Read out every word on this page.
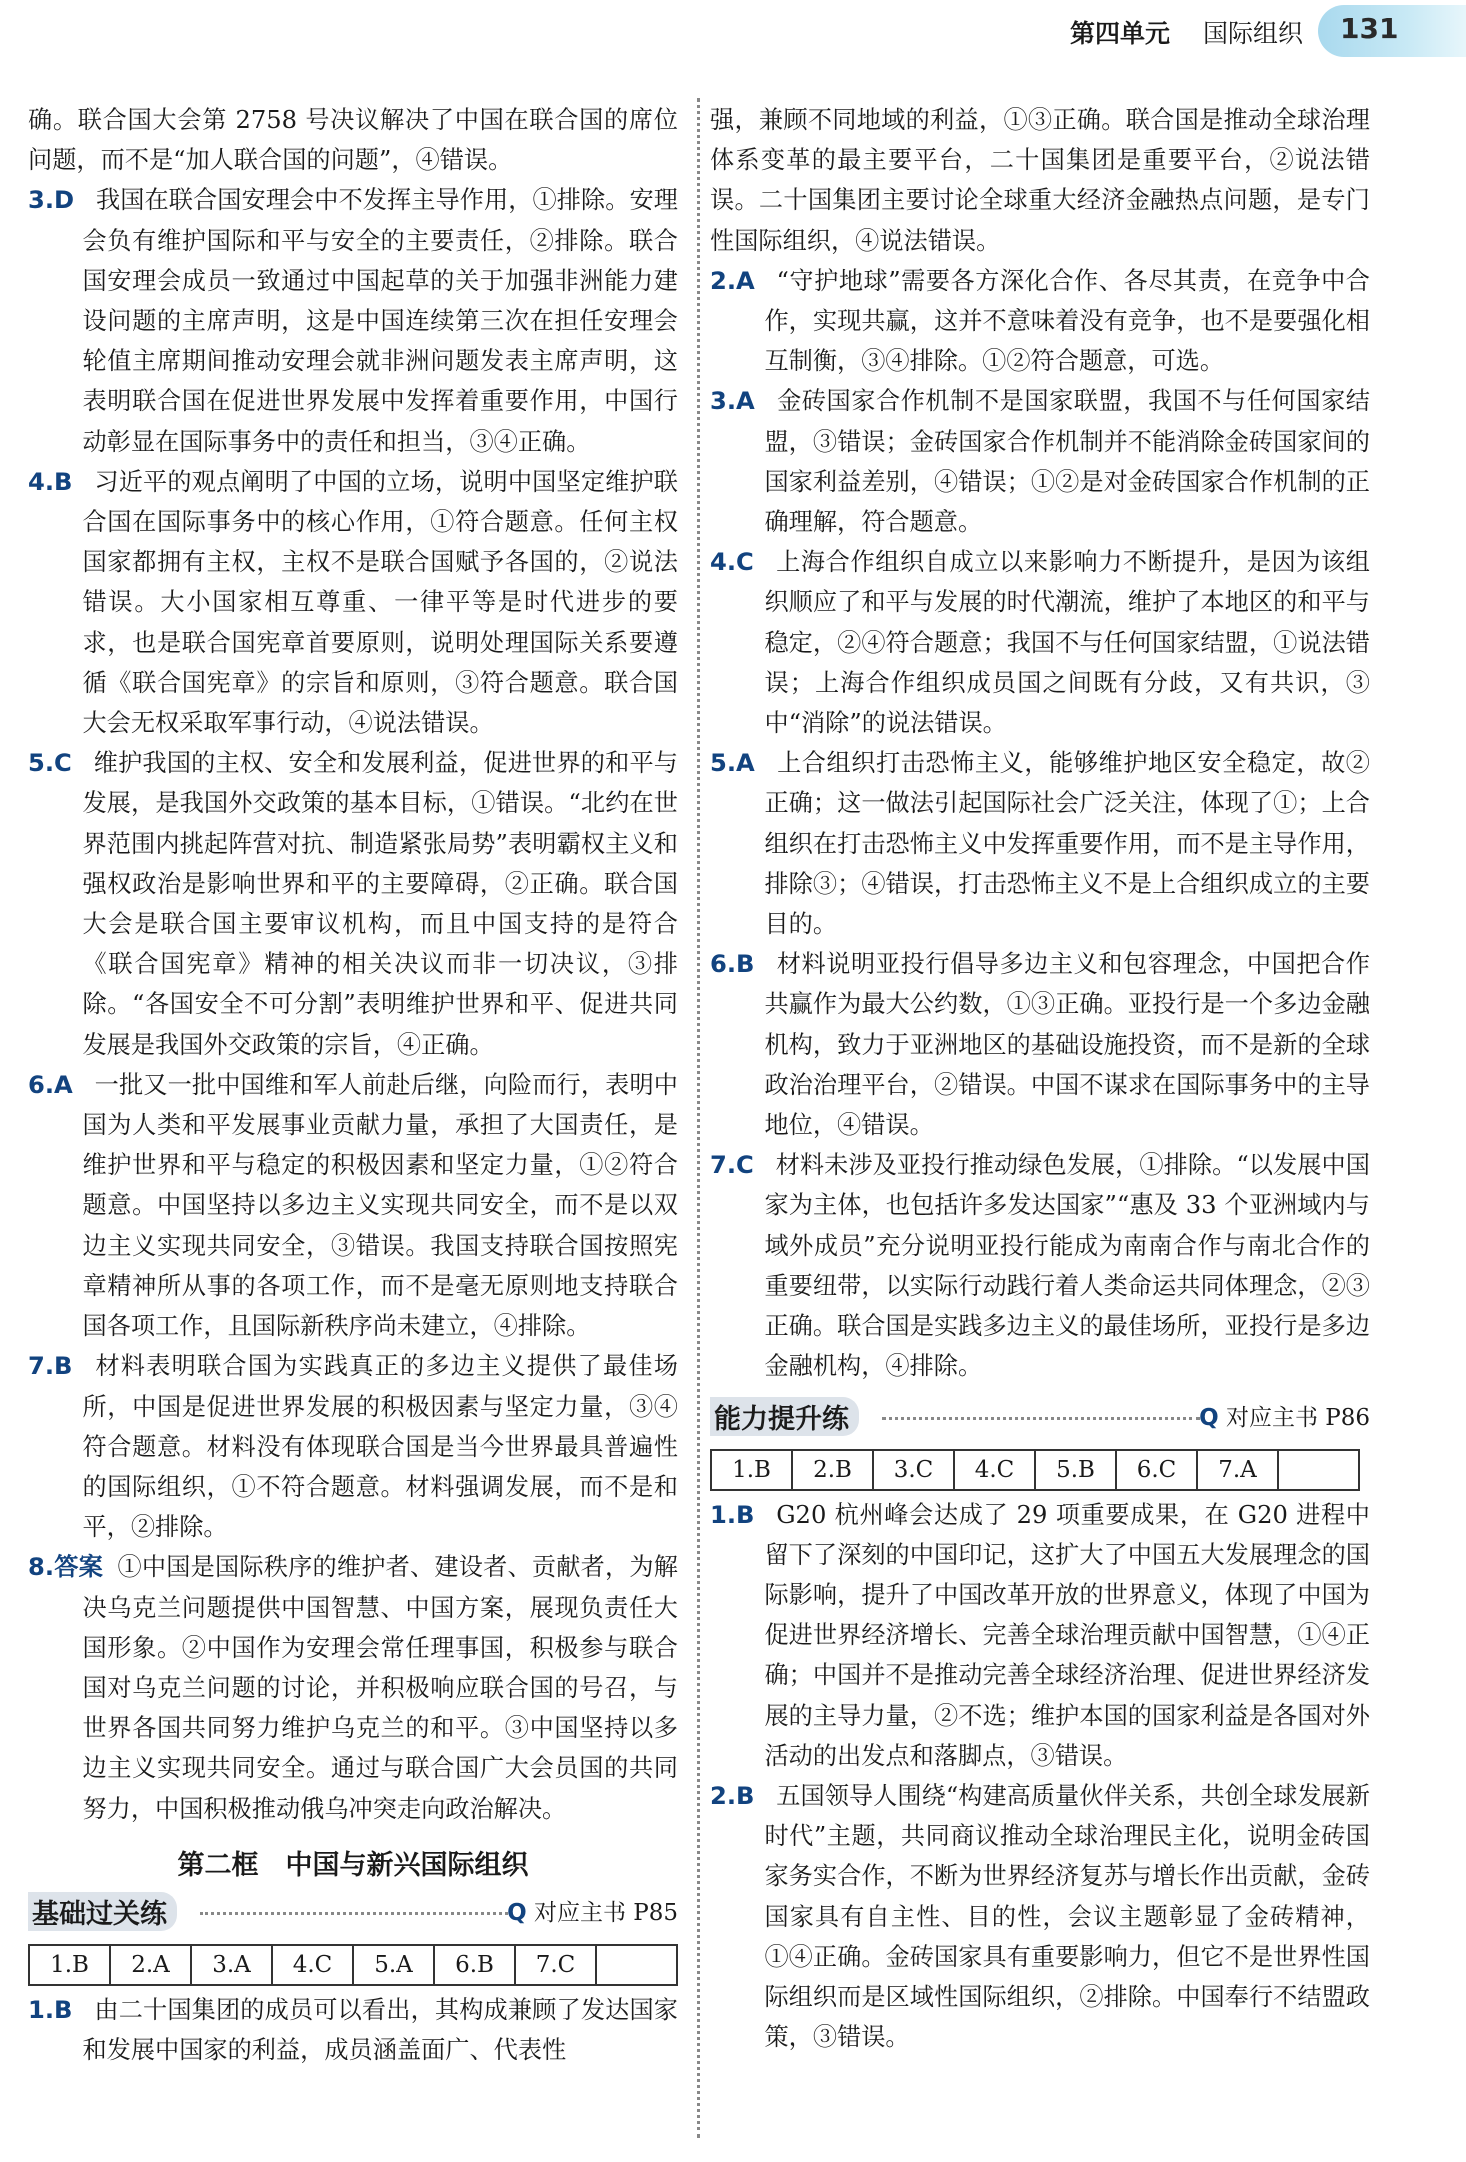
第四单元 国际组织 131

确。联合国大会第 2758 号决议解决了中国在联合国的席位问题，而不是“加人联合国的问题”，④错误。

3.D 我国在联合国安理会中不发挥主导作用，①排除。安理会负有维护国际和平与安全的主要责任，②排除。联合国安理会成员一致通过中国起草的关于加强非洲能力建设问题的主席声明，这是中国连续第三次在担任安理会轮值主席期间推动安理会就非洲问题发表主席声明，这表明联合国在促进世界发展中发挥着重要作用，中国行动彰显在国际事务中的责任和担当，③④正确。

4.B 习近平的观点阐明了中国的立场，说明中国坚定维护联合国在国际事务中的核心作用，①符合题意。任何主权国家都拥有主权，主权不是联合国赋予各国的，②说法错误。大小国家相互尊重、一律平等是时代进步的要求，也是联合国宪章首要原则，说明处理国际关系要遵循《联合国宪章》的宗旨和原则，③符合题意。联合国大会无权采取军事行动，④说法错误。

5.C 维护我国的主权、安全和发展利益，促进世界的和平与发展，是我国外交政策的基本目标，①错误。“北约在世界范围内挑起阵营对抗、制造紧张局势”表明霸权主义和强权政治是影响世界和平的主要障碍，②正确。联合国大会是联合国主要审议机构，而且中国支持的是符合《联合国宪章》精神的相关决议而非一切决议，③排除。“各国安全不可分割”表明维护世界和平、促进共同发展是我国外交政策的宗旨，④正确。

6.A 一批又一批中国维和军人前赴后继，向险而行，表明中国为人类和平发展事业贡献力量，承担了大国责任，是维护世界和平与稳定的积极因素和坚定力量，①②符合题意。中国坚持以多边主义实现共同安全，而不是以双边主义实现共同安全，③错误。我国支持联合国按照宪章精神所从事的各项工作，而不是毫无原则地支持联合国各项工作，且国际新秩序尚未建立，④排除。

7.B 材料表明联合国为实践真正的多边主义提供了最佳场所，中国是促进世界发展的积极因素与坚定力量，③④符合题意。材料没有体现联合国是当今世界最具普遍性的国际组织，①不符合题意。材料强调发展，而不是和平，②排除。

8.答案 ①中国是国际秩序的维护者、建设者、贡献者，为解决乌克兰问题提供中国智慧、中国方案，展现负责任大国形象。②中国作为安理会常任理事国，积极参与联合国对乌克兰问题的讨论，并积极响应联合国的号召，与世界各国共同努力维护乌克兰的和平。③中国坚持以多边主义实现共同安全。通过与联合国广大会员国的共同努力，中国积极推动俄乌冲突走向政治解决。

第二框　中国与新兴国际组织
基础过关练	Q 对应主书 P85
1.B	2.A	3.A	4.C	5.A	6.B	7.C	

1.B 由二十国集团的成员可以看出，其构成兼顾了发达国家和发展中国家的利益，成员涵盖面广、代表性

强，兼顾不同地域的利益，①③正确。联合国是推动全球治理体系变革的最主要平台，二十国集团是重要平台，②说法错误。二十国集团主要讨论全球重大经济金融热点问题，是专门性国际组织，④说法错误。

2.A “守护地球”需要各方深化合作、各尽其责，在竞争中合作，实现共赢，这并不意味着没有竞争，也不是要强化相互制衡，③④排除。①②符合题意，可选。

3.A 金砖国家合作机制不是国家联盟，我国不与任何国家结盟，③错误；金砖国家合作机制并不能消除金砖国家间的国家利益差别，④错误；①②是对金砖国家合作机制的正确理解，符合题意。

4.C 上海合作组织自成立以来影响力不断提升，是因为该组织顺应了和平与发展的时代潮流，维护了本地区的和平与稳定，②④符合题意；我国不与任何国家结盟，①说法错误；上海合作组织成员国之间既有分歧，又有共识，③中“消除”的说法错误。

5.A 上合组织打击恐怖主义，能够维护地区安全稳定，故②正确；这一做法引起国际社会广泛关注，体现了①；上合组织在打击恐怖主义中发挥重要作用，而不是主导作用，排除③；④错误，打击恐怖主义不是上合组织成立的主要目的。

6.B 材料说明亚投行倡导多边主义和包容理念，中国把合作共赢作为最大公约数，①③正确。亚投行是一个多边金融机构，致力于亚洲地区的基础设施投资，而不是新的全球政治治理平台，②错误。中国不谋求在国际事务中的主导地位，④错误。

7.C 材料未涉及亚投行推动绿色发展，①排除。“以发展中国家为主体，也包括许多发达国家”“惠及 33 个亚洲域内与域外成员”充分说明亚投行能成为南南合作与南北合作的重要纽带，以实际行动践行着人类命运共同体理念，②③正确。联合国是实践多边主义的最佳场所，亚投行是多边金融机构，④排除。

能力提升练	Q 对应主书 P86
1.B	2.B	3.C	4.C	5.B	6.C	7.A	

1.B G20 杭州峰会达成了 29 项重要成果，在 G20 进程中留下了深刻的中国印记，这扩大了中国五大发展理念的国际影响，提升了中国改革开放的世界意义，体现了中国为促进世界经济增长、完善全球治理贡献中国智慧，①④正确；中国并不是推动完善全球经济治理、促进世界经济发展的主导力量，②不选；维护本国的国家利益是各国对外活动的出发点和落脚点，③错误。

2.B 五国领导人围绕“构建高质量伙伴关系，共创全球发展新时代”主题，共同商议推动全球治理民主化，说明金砖国家务实合作，不断为世界经济复苏与增长作出贡献，金砖国家具有自主性、目的性，会议主题彰显了金砖精神，①④正确。金砖国家具有重要影响力，但它不是世界性国际组织而是区域性国际组织，②排除。中国奉行不结盟政策，③错误。
